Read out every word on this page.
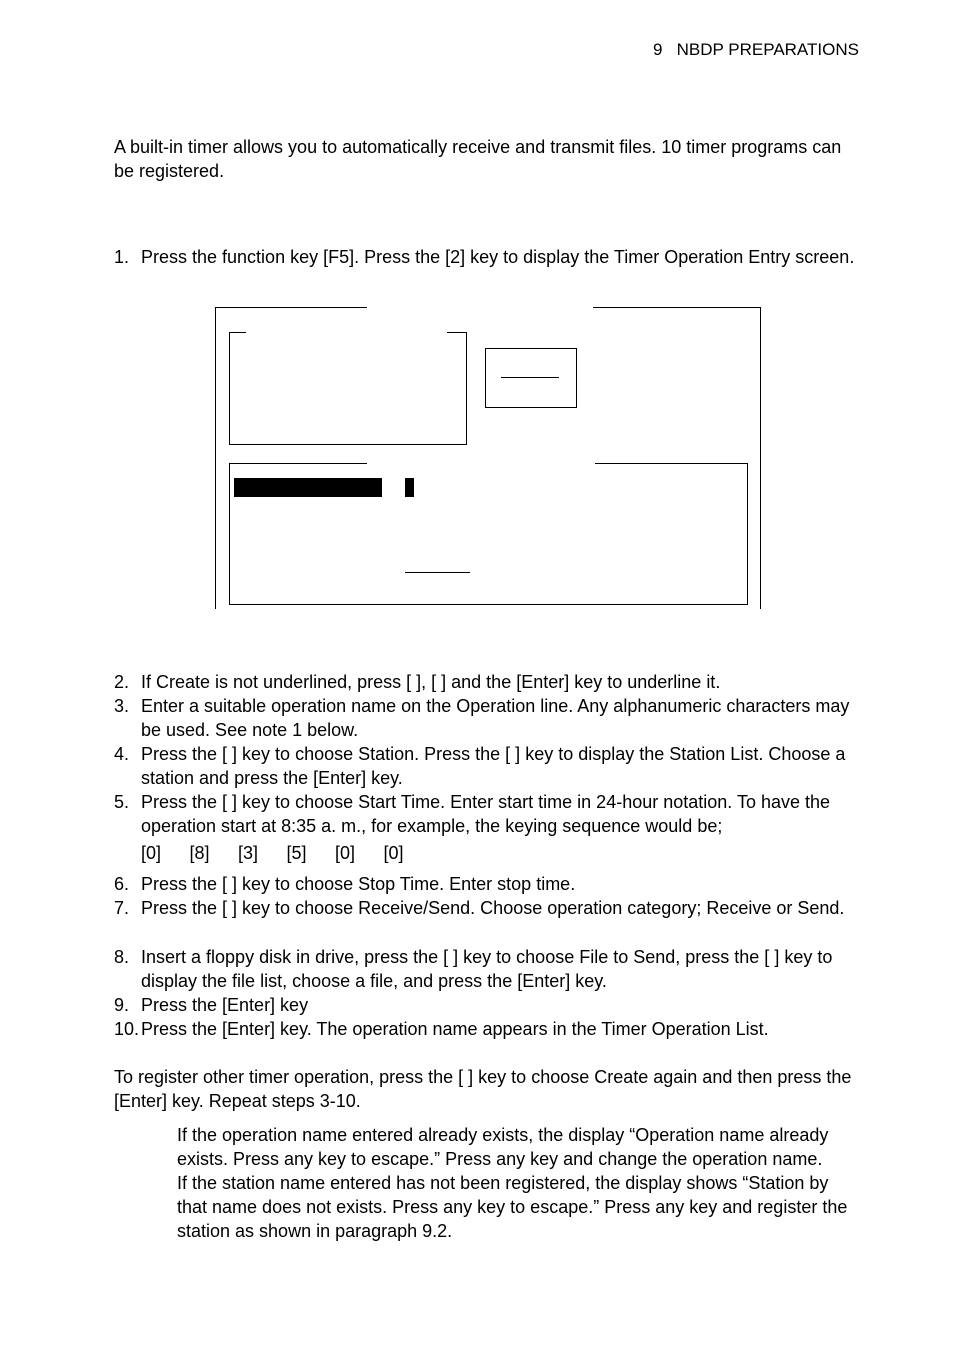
9 NBDP PREPARATIONS
A built-in timer allows you to automatically receive and transmit files. 10 timer programs can be registered.
1. Press the function key [F5]. Press the [2] key to display the Timer Operation Entry screen.
2. If Create is not underlined, press [ ], [ ] and the [Enter] key to underline it.
3. Enter a suitable operation name on the Operation line. Any alphanumeric characters may be used. See note 1 below.
4. Press the [ ] key to choose Station. Press the [ ] key to display the Station List. Choose a station and press the [Enter] key.
5. Press the [ ] key to choose Start Time. Enter start time in 24-hour notation. To have the operation start at 8:35 a. m., for example, the keying sequence would be;
[0] [8] [3] [5] [0] [0]
6. Press the [ ] key to choose Stop Time. Enter stop time.
7. Press the [ ] key to choose Receive/Send. Choose operation category; Receive or Send.
8. Insert a floppy disk in drive, press the [ ] key to choose File to Send, press the [ ] key to display the file list, choose a file, and press the [Enter] key.
9. Press the [Enter] key
10. Press the [Enter] key. The operation name appears in the Timer Operation List.
To register other timer operation, press the [ ] key to choose Create again and then press the [Enter] key. Repeat steps 3-10.
If the operation name entered already exists, the display “Operation name already exists. Press any key to escape.” Press any key and change the operation name.
If the station name entered has not been registered, the display shows “Station by that name does not exists. Press any key to escape.” Press any key and register the station as shown in paragraph 9.2.
